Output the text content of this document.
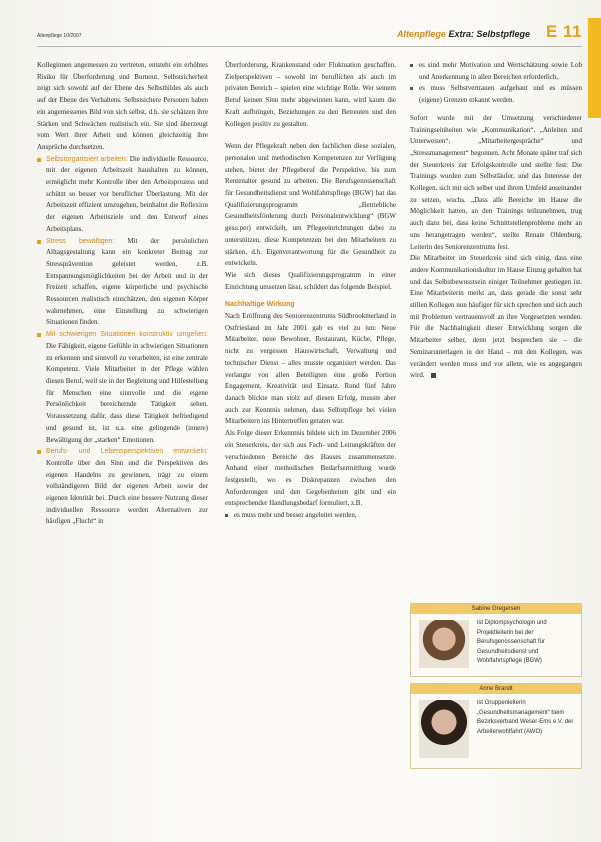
Altenpflege 10/2007	Altenpflege Extra: Selbstpflege E 11

Kolleginnen angemessen zu vertreten, entsteht ein erhöhtes Risiko für Überforderung und Burnout. Selbstsicherheit zeigt sich sowohl auf der Ebene des Selbstbildes als auch auf der Ebene des Verhaltens. Selbstsichere Personen haben ein angemessenes Bild von sich selbst, d.h. sie schätzen ihre Stärken und Schwächen realistisch ein. Sie sind überzeugt vom Wert ihrer Arbeit und können gleichzeitig ihre Ansprüche durchsetzen.

Selbstorganisiert arbeiten: Die individuelle Ressource, mit der eigenen Arbeitszeit haushalten zu können, ermöglicht mehr Kontrolle über den Arbeitsprozess und schützt so besser vor beruflicher Überlastung. Mit der Arbeitszeit effizient umzugehen, beinhaltet die Reflexion der eigenen Arbeitsziele und den Entwurf eines Arbeitsplans.

Stress bewältigen: Mit der persönlichen Alltagsgestaltung kann ein konkreter Beitrag zur Stressprävention geleistet werden, z.B. Entspannungsmöglichkeiten bei der Arbeit und in der Freizeit schaffen, eigene körperliche und psychische Ressourcen realistisch einschätzen, den eigenen Körper wahrnehmen, eine Einstellung zu schwierigen Situationen finden.

Mit schwierigen Situationen konstruktiv umgehen: Die Fähigkeit, eigene Gefühle in schwierigen Situationen zu erkennen und sinnvoll zu verarbeiten, ist eine zentrale Kompetenz. Viele Mitarbeiter in der Pflege wählen diesen Beruf, weil sie in der Begleitung und Hilfestellung für Menschen eine sinnvolle und die eigene Persönlichkeit bereichernde Tätigkeit sehen. Voraussetzung dafür, dass diese Tätigkeit befriedigend und gesund ist, ist u.a. eine gelingende (innere) Bewältigung der „starken“ Emotionen.

Berufs- und Lebensperspektiven entwickeln: Kontrolle über den Sinn und die Perspektiven des eigenen Handelns zu gewinnen, trägt zu einem vollständigeren Bild der eigenen Arbeit sowie der eigenen Identität bei. Durch eine bessere Nutzung dieser individuellen Ressource werden Alternativen zur häufigen „Flucht“ in

Überforderung, Krankenstand oder Fluktuation geschaffen. Zielperspektiven – sowohl im beruflichen als auch im privaten Bereich – spielen eine wichtige Rolle. Wer seinem Beruf keinen Sinn mehr abgewinnen kann, wird kaum die Kraft aufbringen, Beziehungen zu den Betreuten und den Kollegen positiv zu gestalten.

Wenn der Pflegekraft neben den fachlichen diese sozialen, personalen und methodischen Kompetenzen zur Verfügung stehen, bietet der Pflegeberuf die Perspektive, bis zum Rentenalter gesund zu arbeiten. Die Berufsgenossenschaft für Gesundheitsdienst und Wohlfahrtspflege (BGW) hat das Qualifizierungsprogramm „Betriebliche Gesundheitsförderung durch Personalentwicklung“ (BGW gesu.per) entwickelt, um Pflegeeinrichtungen dabei zu unterstützen, diese Kompetenzen bei den Mitarbeitern zu stärken, d.h. Eigenverantwortung für die Gesundheit zu entwickeln.

Wie sich dieses Qualifizierungsprogramm in einer Einrichtung umsetzen lässt, schildert das folgende Beispiel.

Nachhaltige Wirkung

Nach Eröffnung des Seniorenzentrums Südbrookmerland in Ostfriesland im Jahr 2001 gab es viel zu tun: Neue Mitarbeiter, neue Bewohner, Restaurant, Küche, Pflege, nicht zu vergessen Hauswirtschaft, Verwaltung und technischer Dienst – alles musste organisiert werden. Das verlangte von allen Beteiligten eine große Portion Engagement, Kreativität und Einsatz. Rund fünf Jahre danach blickte man stolz auf diesen Erfolg, musste aber auch zur Kenntnis nehmen, dass Selbstpflege bei vielen Mitarbeitern ins Hintertreffen geraten war.

Als Folge dieser Erkenntnis bildete sich im Dezember 2006 ein Steuerkreis, der sich aus Fach- und Leitungskräften der verschiedenen Bereiche des Hauses zusammensetzte. Anhand einer methodischen Bedarfsermittlung wurde festgestellt, wo es Diskrepanzen zwischen den Anforderungen und den Gegebenheiten gibt und ein entsprechender Handlungsbedarf formuliert, z.B.

es muss mehr und besser angeleitet werden,

es sind mehr Motivation und Wertschätzung sowie Lob und Anerkennung in allen Bereichen erforderlich,

es muss Selbstvertrauen aufgebaut und es müssen (eigene) Grenzen erkannt werden.

Sofort wurde mit der Umsetzung verschiedener Trainingseinheiten wie „Kommunikation“, „Anleiten und Unterweisen“, „Mitarbeitergespräche“ und „Stressmanagement“ begonnen. Acht Monate später traf sich der Steuerkreis zur Erfolgskontrolle und stellte fest: Die Trainings wurden zum Selbstläufer, und das Interesse der Kollegen, sich mit sich selber und ihrem Umfeld auseinander zu setzen, wuchs. „Dass alle Bereiche im Hause die Möglichkeit hatten, an den Trainings teilzunehmen, trug auch dazu bei, dass keine Schnittstellenprobleme mehr an uns herangetragen werden“, stellte Renate Ohlenburg, Leiterin des Seniorenzentrums fest.

Die Mitarbeiter im Steuerkreis sind sich einig, dass eine andere Kommunikationskultur im Hause Einzug gehalten hat und das Selbstbewusstsein einiger Teilnehmer gestiegen ist. Eine Mitarbeiterin merkt an, dass gerade die sonst sehr stillen Kollegen nun häufiger für sich sprechen und sich auch mit Problemen vertrauensvoll an ihre Vorgesetzten wenden. Für die Nachhaltigkeit dieser Entwicklung sorgen die Mitarbeiter selber, denn jetzt besprechen sie – die Seminarunterlagen in der Hand – mit den Kollegen, was verändert werden muss und vor allem, wie es angegangen wird.

Sabine Gregersen
ist Diplompsychologin und Projektleiterin bei der Berufsgenossenschaft für Gesundheitsdienst und Wohlfahrtspflege (BGW)
Anne Brandt
ist Gruppenleiterin „Gesundheitsmanagement“ beim Bezirksverband Weser-Ems e.V. der Arbeiterwohlfahrt (AWO)
